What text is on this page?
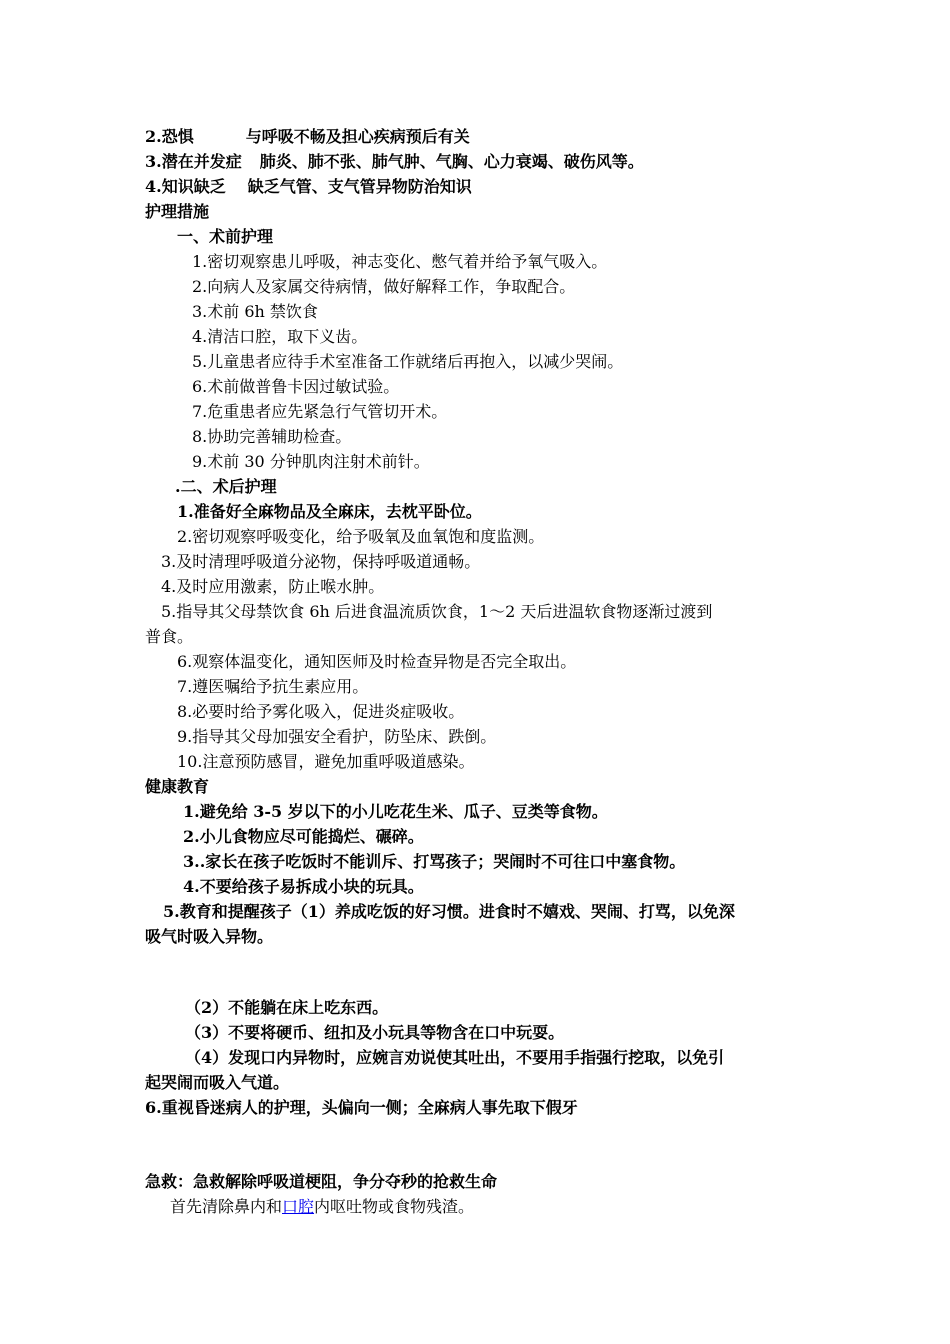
2.恐惧	与呼吸不畅及担心疾病预后有关
3.潜在并发症 肺炎、肺不张、肺气肿、气胸、心力衰竭、破伤风等。
4.知识缺乏 缺乏气管、支气管异物防治知识
护理措施
一、术前护理
1.密切观察患儿呼吸，神志变化、憋气着并给予氧气吸入。
2.向病人及家属交待病情，做好解释工作，争取配合。
3.术前 6h 禁饮食
4.清洁口腔，取下义齿。
5.儿童患者应待手术室准备工作就绪后再抱入，以减少哭闹。
6.术前做普鲁卡因过敏试验。
7.危重患者应先紧急行气管切开术。
8.协助完善辅助检查。
9.术前 30 分钟肌肉注射术前针。
.二、术后护理
1.准备好全麻物品及全麻床，去枕平卧位。
2.密切观察呼吸变化，给予吸氧及血氧饱和度监测。
3.及时清理呼吸道分泌物，保持呼吸道通畅。
4.及时应用激素，防止喉水肿。
5.指导其父母禁饮食 6h 后进食温流质饮食，1～2 天后进温软食物逐渐过渡到
普食。
6.观察体温变化，通知医师及时检查异物是否完全取出。
7.遵医嘱给予抗生素应用。
8.必要时给予雾化吸入，促进炎症吸收。
9.指导其父母加强安全看护，防坠床、跌倒。
10.注意预防感冒，避免加重呼吸道感染。
健康教育
1.避免给 3-5 岁以下的小儿吃花生米、瓜子、豆类等食物。
2.小儿食物应尽可能捣烂、碾碎。
3..家长在孩子吃饭时不能训斥、打骂孩子；哭闹时不可往口中塞食物。
4.不要给孩子易拆成小块的玩具。
5.教育和提醒孩子（1）养成吃饭的好习惯。进食时不嬉戏、哭闹、打骂，以免深
吸气时吸入异物。
（2）不能躺在床上吃东西。
（3）不要将硬币、纽扣及小玩具等物含在口中玩耍。
（4）发现口内异物时，应婉言劝说使其吐出，不要用手指强行挖取，以免引
起哭闹而吸入气道。
6.重视昏迷病人的护理，头偏向一侧；全麻病人事先取下假牙
急救：急救解除呼吸道梗阻，争分夺秒的抢救生命
首先清除鼻内和口腔内呕吐物或食物残渣。
